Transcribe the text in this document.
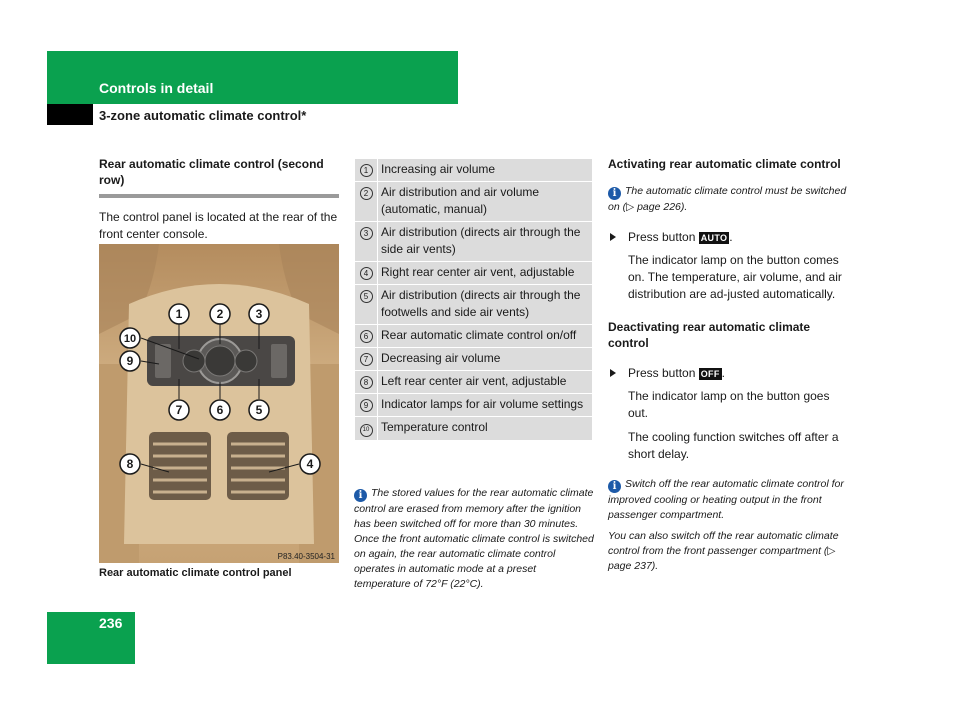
Controls in detail
3-zone automatic climate control*
Rear automatic climate control (second row)
The control panel is located at the rear of the front center console.
1	2	3
10
9
7	6	5
8	4
P83.40-3504-31
Rear automatic climate control panel
1	Increasing air volume
2	Air distribution and air volume (automatic, manual)
3	Air distribution (directs air through the side air vents)
4	Right rear center air vent, adjustable
5	Air distribution (directs air through the footwells and side air vents)
6	Rear automatic climate control on/off
7	Decreasing air volume
8	Left rear center air vent, adjustable
9	Indicator lamps for air volume settings
10	Temperature control
i The stored values for the rear automatic climate control are erased from memory after the ignition has been switched off for more than 30 minutes. Once the front automatic climate control is switched on again, the rear automatic climate control operates in automatic mode at a preset temperature of 72°F (22°C).
Activating rear automatic climate control
i The automatic climate control must be switched on (▷ page 226).
Press button AUTO .
The indicator lamp on the button comes on. The temperature, air volume, and air distribution are ad-justed automatically.
Deactivating rear automatic climate control
Press button OFF .
The indicator lamp on the button goes out.
The cooling function switches off after a short delay.
i Switch off the rear automatic climate control for improved cooling or heating output in the front passenger compartment.
You can also switch off the rear automatic climate control from the front passenger compartment (▷ page 237).
236
